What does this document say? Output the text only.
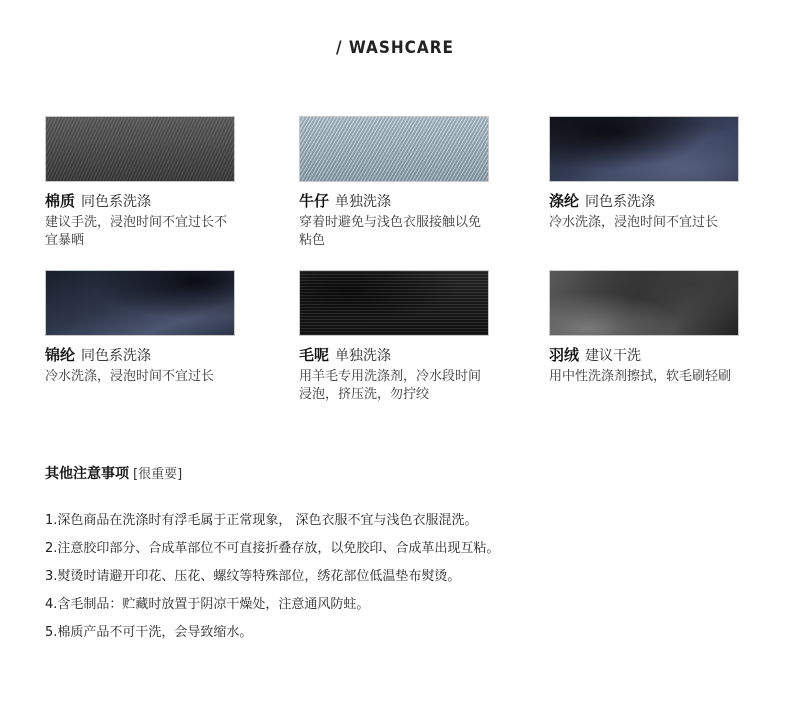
/ WASHCARE
棉质 同色系洗涤
建议手洗，浸泡时间不宜过长不宜暴晒
牛仔 单独洗涤
穿着时避免与浅色衣服接触以免粘色
涤纶 同色系洗涤
冷水洗涤，浸泡时间不宜过长
锦纶 同色系洗涤
冷水洗涤，浸泡时间不宜过长
毛呢 单独洗涤
用羊毛专用洗涤剂，冷水段时间浸泡，挤压洗，勿拧绞
羽绒 建议干洗
用中性洗涤剂擦拭，软毛刷轻刷
其他注意事项 [很重要]
1.深色商品在洗涤时有浮毛属于正常现象， 深色衣服不宜与浅色衣服混洗。
2.注意胶印部分、合成革部位不可直接折叠存放，以免胶印、合成革出现互粘。
3.熨烫时请避开印花、压花、螺纹等特殊部位，绣花部位低温垫布熨烫。
4.含毛制品：贮藏时放置于阴凉干燥处，注意通风防蛀。
5.棉质产品不可干洗，会导致缩水。
